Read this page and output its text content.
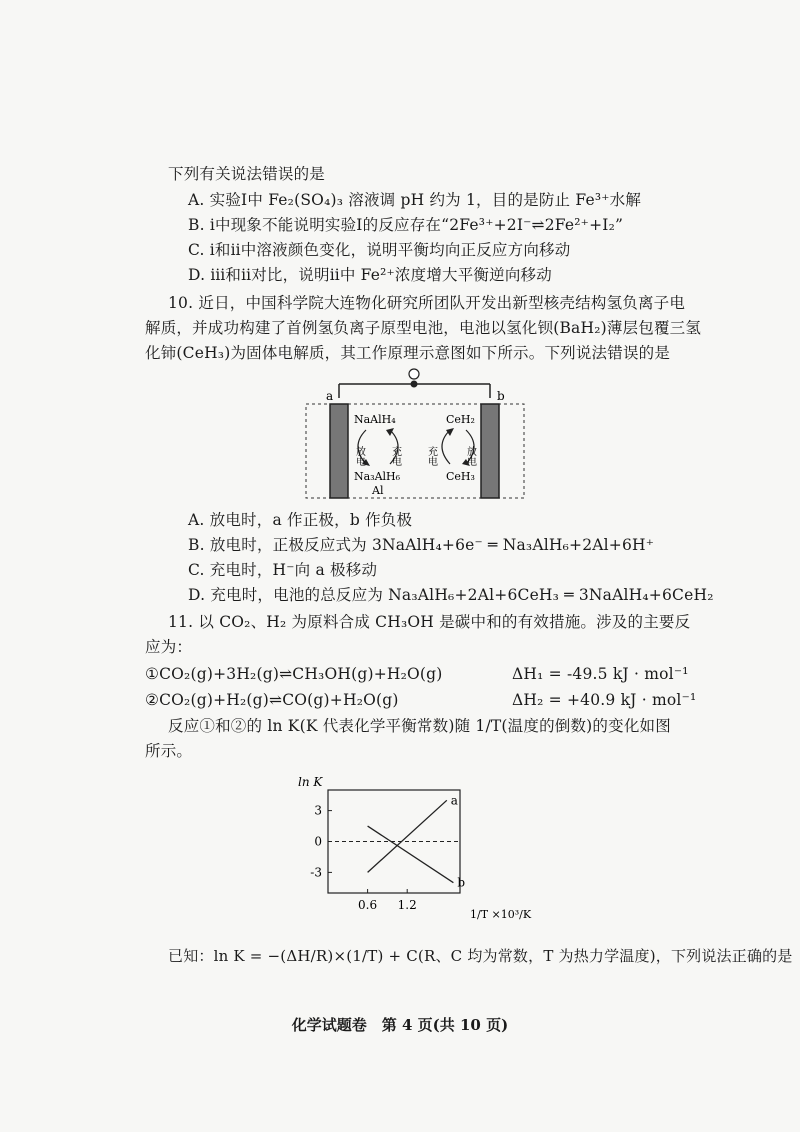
下列有关说法错误的是
A. 实验Ⅰ中 Fe₂(SO₄)₃ 溶液调 pH 约为 1，目的是防止 Fe³⁺水解
B. ⅰ中现象不能说明实验Ⅰ的反应存在“2Fe³⁺+2I⁻⇌2Fe²⁺+I₂”
C. ⅰ和ⅱ中溶液颜色变化，说明平衡均向正反应方向移动
D. ⅲ和ⅱ对比，说明ⅱ中 Fe²⁺浓度增大平衡逆向移动
10. 近日，中国科学院大连物化研究所团队开发出新型核壳结构氢负离子电
解质，并成功构建了首例氢负离子原型电池，电池以氢化钡(BaH₂)薄层包覆三氢
化铈(CeH₃)为固体电解质，其工作原理示意图如下所示。下列说法错误的是
a	b
NaAlH₄
Na₃AlH₆
Al
放电	充电
CeH₂
CeH₃
充电	放电
A. 放电时，a 作正极，b 作负极
B. 放电时，正极反应式为 3NaAlH₄+6e⁻ ═ Na₃AlH₆+2Al+6H⁺
C. 充电时，H⁻向 a 极移动
D. 充电时，电池的总反应为 Na₃AlH₆+2Al+6CeH₃ ═ 3NaAlH₄+6CeH₂
11. 以 CO₂、H₂ 为原料合成 CH₃OH 是碳中和的有效措施。涉及的主要反
应为：
①CO₂(g)+3H₂(g)⇌CH₃OH(g)+H₂O(g)	ΔH₁ = -49.5 kJ · mol⁻¹
②CO₂(g)+H₂(g)⇌CO(g)+H₂O(g)	ΔH₂ = +40.9 kJ · mol⁻¹
反应①和②的 ln K(K 代表化学平衡常数)随 1/T(温度的倒数)的变化如图
所示。
ln K
1/T ×10³/K
3
0
-3
0.6 1.2
a
b
已知：ln K = −(ΔH/R)×(1/T) + C(R、C 均为常数，T 为热力学温度)，下列说法正确的是
化学试题卷　第 4 页(共 10 页)
